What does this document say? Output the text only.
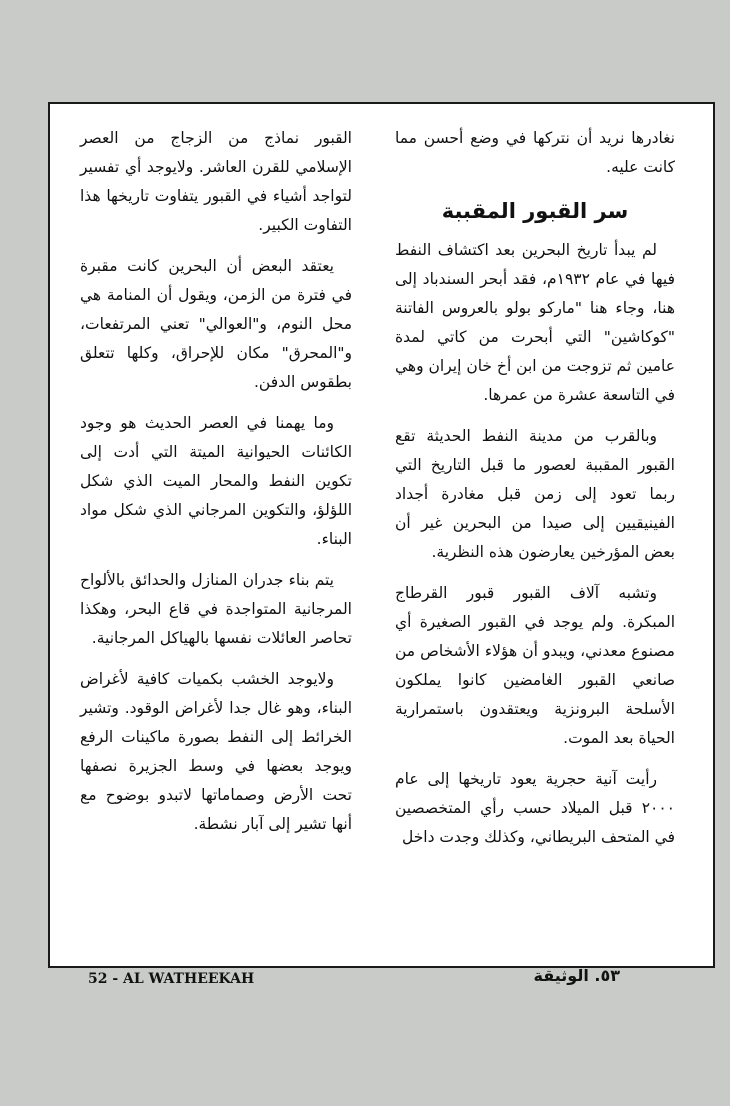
نغادرها نريد أن نتركها في وضع أحسن مما كانت عليه.

سر القبور المقببة

لم يبدأ تاريخ البحرين بعد اكتشاف النفط فيها في عام ١٩٣٢م، فقد أبحر السندباد إلى هنا، وجاء هنا "ماركو بولو بالعروس الفاتنة "كوكاشين" التي أبحرت من كاتي لمدة عامين ثم تزوجت من ابن أخ خان إيران وهي في التاسعة عشرة من عمرها.

وبالقرب من مدينة النفط الحديثة تقع القبور المقببة لعصور ما قبل التاريخ التي ربما تعود إلى زمن قبل مغادرة أجداد الفينيقيين إلى صيدا من البحرين غير أن بعض المؤرخين يعارضون هذه النظرية.

وتشبه آلاف القبور قبور القرطاج المبكرة. ولم يوجد في القبور الصغيرة أي مصنوع معدني، ويبدو أن هؤلاء الأشخاص من صانعي القبور الغامضين كانوا يملكون الأسلحة البرونزية ويعتقدون باستمرارية الحياة بعد الموت.

رأيت آنية حجرية يعود تاريخها إلى عام ٢٠٠٠ قبل الميلاد حسب رأي المتخصصين في المتحف البريطاني، وكذلك وجدت داخل

القبور نماذج من الزجاج من العصر الإسلامي للقرن العاشر. ولايوجد أي تفسير لتواجد أشياء في القبور يتفاوت تاريخها هذا التفاوت الكبير.

يعتقد البعض أن البحرين كانت مقبرة في فترة من الزمن، ويقول أن المنامة هي محل النوم، و"العوالي" تعني المرتفعات، و"المحرق" مكان للإحراق، وكلها تتعلق بطقوس الدفن.

وما يهمنا في العصر الحديث هو وجود الكائنات الحيوانية الميتة التي أدت إلى تكوين النفط والمحار الميت الذي شكل اللؤلؤ، والتكوين المرجاني الذي شكل مواد البناء.

يتم بناء جدران المنازل والحدائق بالألواح المرجانية المتواجدة في قاع البحر، وهكذا تحاصر العائلات نفسها بالهياكل المرجانية.

ولايوجد الخشب بكميات كافية لأغراض البناء، وهو غال جدا لأغراض الوقود. وتشير الخرائط إلى النفط بصورة ماكينات الرفع ويوجد بعضها في وسط الجزيرة نصفها تحت الأرض وصماماتها لاتبدو بوضوح مع أنها تشير إلى آبار نشطة.

52 - AL WATHEEKAH	٥٣. الوثيقة
